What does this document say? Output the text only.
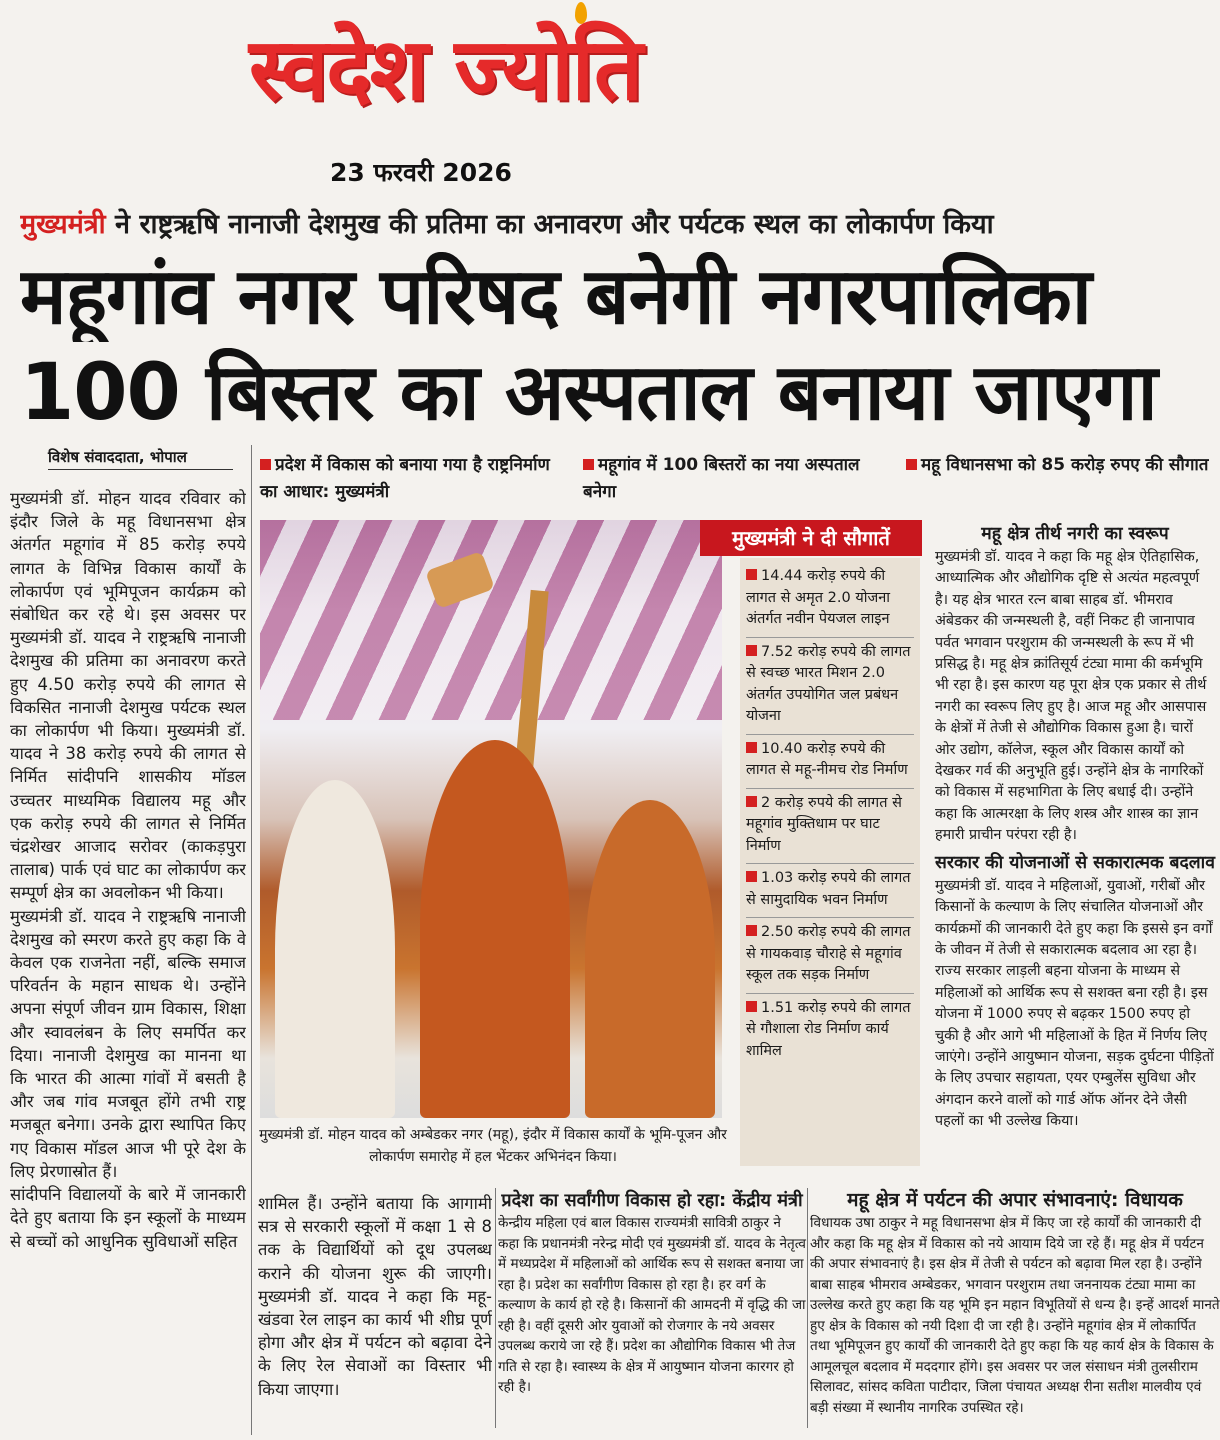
स्वदेश ज्योति
23 फरवरी 2026
मुख्यमंत्री ने राष्ट्रऋषि नानाजी देशमुख की प्रतिमा का अनावरण और पर्यटक स्थल का लोकार्पण किया
महूगांव नगर परिषद बनेगी नगरपालिका
100 बिस्तर का अस्पताल बनाया जाएगा
विशेष संवाददाता, भोपाल

मुख्यमंत्री डॉ. मोहन यादव रविवार को इंदौर जिले के महू विधानसभा क्षेत्र अंतर्गत महूगांव में 85 करोड़ रुपये लागत के विभिन्न विकास कार्यों के लोकार्पण एवं भूमिपूजन कार्यक्रम को संबोधित कर रहे थे। इस अवसर पर मुख्यमंत्री डॉ. यादव ने राष्ट्रऋषि नानाजी देशमुख की प्रतिमा का अनावरण करते हुए 4.50 करोड़ रुपये की लागत से विकसित नानाजी देशमुख पर्यटक स्थल का लोकार्पण भी किया। मुख्यमंत्री डॉ. यादव ने 38 करोड़ रुपये की लागत से निर्मित सांदीपनि शासकीय मॉडल उच्चतर माध्यमिक विद्यालय महू और एक करोड़ रुपये की लागत से निर्मित चंद्रशेखर आजाद सरोवर (काकड़पुरा तालाब) पार्क एवं घाट का लोकार्पण कर सम्पूर्ण क्षेत्र का अवलोकन भी किया।

मुख्यमंत्री डॉ. यादव ने राष्ट्रऋषि नानाजी देशमुख को स्मरण करते हुए कहा कि वे केवल एक राजनेता नहीं, बल्कि समाज परिवर्तन के महान साधक थे। उन्होंने अपना संपूर्ण जीवन ग्राम विकास, शिक्षा और स्वावलंबन के लिए समर्पित कर दिया। नानाजी देशमुख का मानना था कि भारत की आत्मा गांवों में बसती है और जब गांव मजबूत होंगे तभी राष्ट्र मजबूत बनेगा। उनके द्वारा स्थापित किए गए विकास मॉडल आज भी पूरे देश के लिए प्रेरणास्रोत हैं।

सांदीपनि विद्यालयों के बारे में जानकारी देते हुए बताया कि इन स्कूलों के माध्यम से बच्चों को आधुनिक सुविधाओं सहित

प्रदेश में विकास को बनाया गया है राष्ट्रनिर्माण का आधार: मुख्यमंत्री
महूगांव में 100 बिस्तरों का नया अस्पताल बनेगा
महू विधानसभा को 85 करोड़ रुपए की सौगात
मुख्यमंत्री डॉ. मोहन यादव को अम्बेडकर नगर (महू), इंदौर में विकास कार्यों के भूमि-पूजन और लोकार्पण समारोह में हल भेंटकर अभिनंदन किया।
मुख्यमंत्री ने दी सौगातें
14.44 करोड़ रुपये की लागत से अमृत 2.0 योजना अंतर्गत नवीन पेयजल लाइन
7.52 करोड़ रुपये की लागत से स्वच्छ भारत मिशन 2.0 अंतर्गत उपयोगित जल प्रबंधन योजना
10.40 करोड़ रुपये की लागत से महू-नीमच रोड निर्माण
2 करोड़ रुपये की लागत से महूगांव मुक्तिधाम पर घाट निर्माण
1.03 करोड़ रुपये की लागत से सामुदायिक भवन निर्माण
2.50 करोड़ रुपये की लागत से गायकवाड़ चौराहे से महूगांव स्कूल तक सड़क निर्माण
1.51 करोड़ रुपये की लागत से गौशाला रोड निर्माण कार्य शामिल
महू क्षेत्र तीर्थ नगरी का स्वरूप

मुख्यमंत्री डॉ. यादव ने कहा कि महू क्षेत्र ऐतिहासिक, आध्यात्मिक और औद्योगिक दृष्टि से अत्यंत महत्वपूर्ण है। यह क्षेत्र भारत रत्न बाबा साहब डॉ. भीमराव अंबेडकर की जन्मस्थली है, वहीं निकट ही जानापाव पर्वत भगवान परशुराम की जन्मस्थली के रूप में भी प्रसिद्ध है। महू क्षेत्र क्रांतिसूर्य टंट्या मामा की कर्मभूमि भी रहा है। इस कारण यह पूरा क्षेत्र एक प्रकार से तीर्थ नगरी का स्वरूप लिए हुए है। आज महू और आसपास के क्षेत्रों में तेजी से औद्योगिक विकास हुआ है। चारों ओर उद्योग, कॉलेज, स्कूल और विकास कार्यों को देखकर गर्व की अनुभूति हुई। उन्होंने क्षेत्र के नागरिकों को विकास में सहभागिता के लिए बधाई दी। उन्होंने कहा कि आत्मरक्षा के लिए शस्त्र और शास्त्र का ज्ञान हमारी प्राचीन परंपरा रही है।

सरकार की योजनाओं से सकारात्मक बदलाव

मुख्यमंत्री डॉ. यादव ने महिलाओं, युवाओं, गरीबों और किसानों के कल्याण के लिए संचालित योजनाओं और कार्यक्रमों की जानकारी देते हुए कहा कि इससे इन वर्गों के जीवन में तेजी से सकारात्मक बदलाव आ रहा है। राज्य सरकार लाड़ली बहना योजना के माध्यम से महिलाओं को आर्थिक रूप से सशक्त बना रही है। इस योजना में 1000 रुपए से बढ़कर 1500 रुपए हो चुकी है और आगे भी महिलाओं के हित में निर्णय लिए जाएंगे। उन्होंने आयुष्मान योजना, सड़क दुर्घटना पीड़ितों के लिए उपचार सहायता, एयर एम्बुलेंस सुविधा और अंगदान करने वालों को गार्ड ऑफ ऑनर देने जैसी पहलों का भी उल्लेख किया।

शामिल हैं। उन्होंने बताया कि आगामी सत्र से सरकारी स्कूलों में कक्षा 1 से 8 तक के विद्यार्थियों को दूध उपलब्ध कराने की योजना शुरू की जाएगी। मुख्यमंत्री डॉ. यादव ने कहा कि महू-खंडवा रेल लाइन का कार्य भी शीघ्र पूर्ण होगा और क्षेत्र में पर्यटन को बढ़ावा देने के लिए रेल सेवाओं का विस्तार भी किया जाएगा।
प्रदेश का सर्वांगीण विकास हो रहा: केंद्रीय मंत्री

केन्द्रीय महिला एवं बाल विकास राज्यमंत्री सावित्री ठाकुर ने कहा कि प्रधानमंत्री नरेन्द्र मोदी एवं मुख्यमंत्री डॉ. यादव के नेतृत्व में मध्यप्रदेश में महिलाओं को आर्थिक रूप से सशक्त बनाया जा रहा है। प्रदेश का सर्वांगीण विकास हो रहा है। हर वर्ग के कल्याण के कार्य हो रहे है। किसानों की आमदनी में वृद्धि की जा रही है। वहीं दूसरी ओर युवाओं को रोजगार के नये अवसर उपलब्ध कराये जा रहे हैं। प्रदेश का औद्योगिक विकास भी तेज गति से रहा है। स्वास्थ्य के क्षेत्र में आयुष्मान योजना कारगर हो रही है।

महू क्षेत्र में पर्यटन की अपार संभावनाएं: विधायक

विधायक उषा ठाकुर ने महू विधानसभा क्षेत्र में किए जा रहे कार्यों की जानकारी दी और कहा कि महू क्षेत्र में विकास को नये आयाम दिये जा रहे हैं। महू क्षेत्र में पर्यटन की अपार संभावनाएं है। इस क्षेत्र में तेजी से पर्यटन को बढ़ावा मिल रहा है। उन्होंने बाबा साहब भीमराव अम्बेडकर, भगवान परशुराम तथा जननायक टंट्या मामा का उल्लेख करते हुए कहा कि यह भूमि इन महान विभूतियों से धन्य है। इन्हें आदर्श मानते हुए क्षेत्र के विकास को नयी दिशा दी जा रही है। उन्होंने महूगांव क्षेत्र में लोकार्पित तथा भूमिपूजन हुए कार्यों की जानकारी देते हुए कहा कि यह कार्य क्षेत्र के विकास के आमूलचूल बदलाव में मददगार होंगे। इस अवसर पर जल संसाधन मंत्री तुलसीराम सिलावट, सांसद कविता पाटीदार, जिला पंचायत अध्यक्ष रीना सतीश मालवीय एवं बड़ी संख्या में स्थानीय नागरिक उपस्थित रहे।
